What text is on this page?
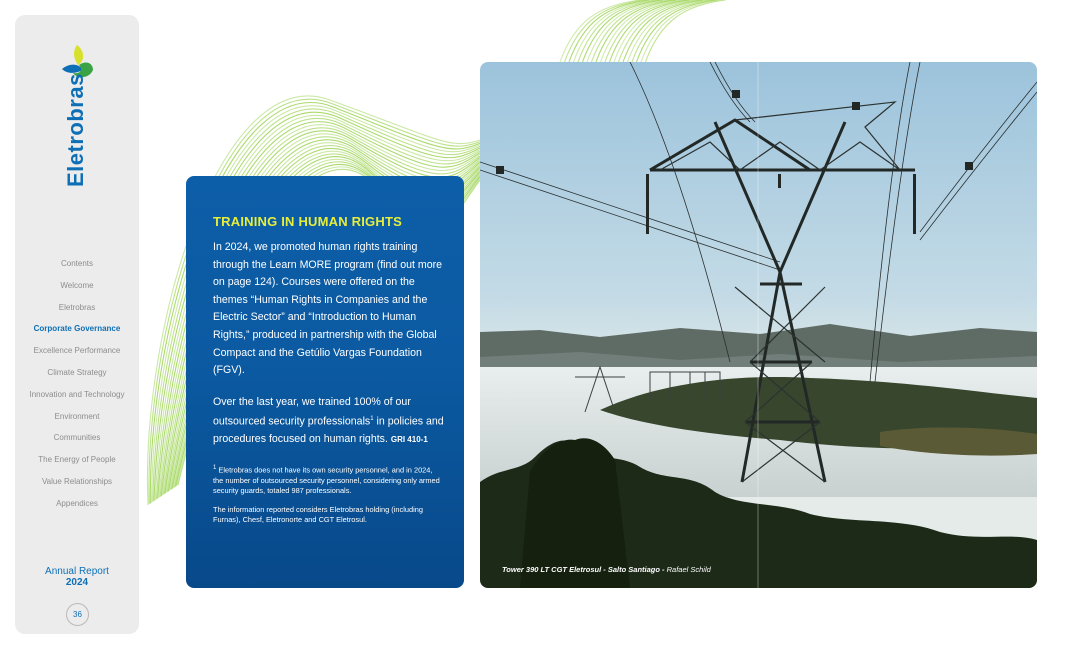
Eletrobras
Contents
Welcome
Eletrobras
Corporate Governance
Excellence Performance
Climate Strategy
Innovation and Technology
Environment
Communities
The Energy of People
Value Relationships
Appendices
Annual Report
2024
36
TRAINING IN HUMAN RIGHTS

In 2024, we promoted human rights training through the Learn MORE program (find out more on page 124). Courses were offered on the themes “Human Rights in Companies and the Electric Sector” and “Introduction to Human Rights,” produced in partnership with the Global Compact and the Getúlio Vargas Foundation (FGV).

Over the last year, we trained 100% of our outsourced security professionals$^1$ in policies and procedures focused on human rights. GRI 410-1

$^1$ Eletrobras does not have its own security personnel, and in 2024, the number of outsourced security personnel, considering only armed security guards, totaled 987 professionals.

The information reported considers Eletrobras holding (including Furnas), Chesf, Eletronorte and CGT Eletrosul.

Tower 390 LT CGT Eletrosul - Salto Santiago - Rafael Schild
